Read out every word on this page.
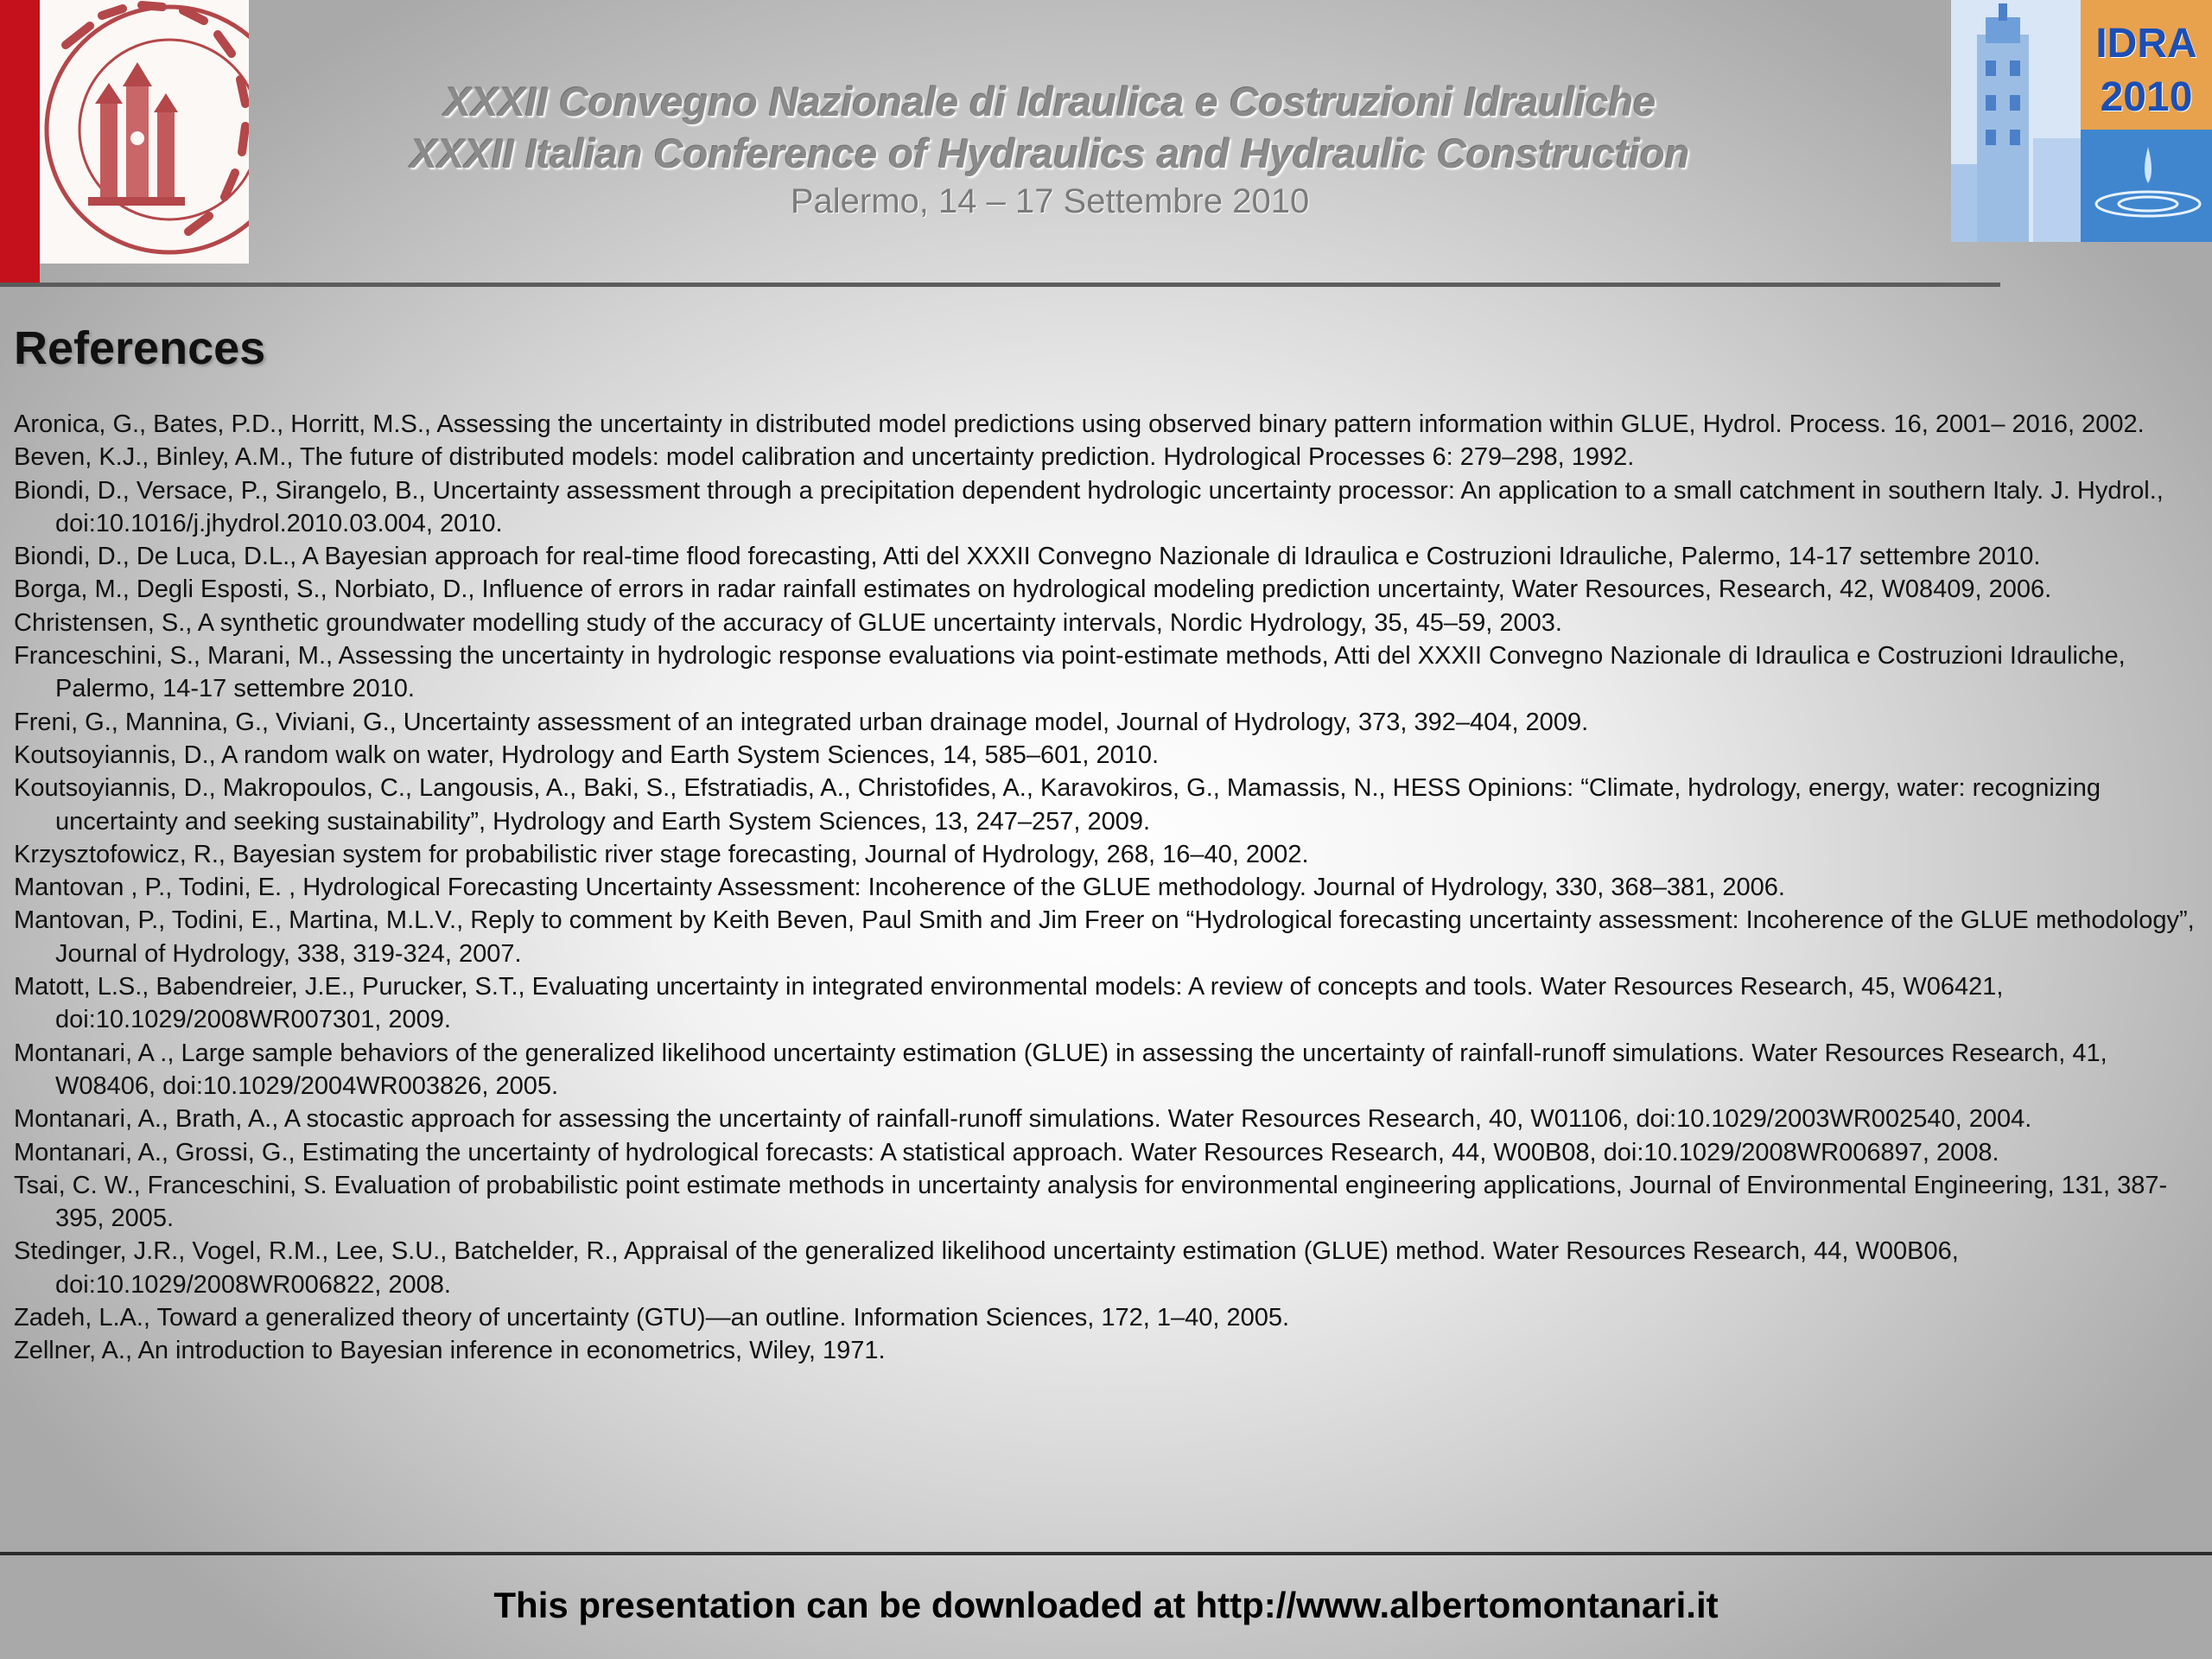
IDRA
2010
XXXII Convegno Nazionale di Idraulica e Costruzioni Idrauliche
XXXII Italian Conference of Hydraulics and Hydraulic Construction
Palermo, 14 – 17 Settembre 2010
References
Aronica, G., Bates, P.D., Horritt, M.S., Assessing the uncertainty in distributed model predictions using observed binary pattern information within GLUE, Hydrol. Process. 16, 2001– 2016, 2002.
Beven, K.J., Binley, A.M., The future of distributed models: model calibration and uncertainty prediction. Hydrological Processes 6: 279–298, 1992.
Biondi, D., Versace, P., Sirangelo, B., Uncertainty assessment through a precipitation dependent hydrologic uncertainty processor: An application to a small catchment in southern Italy. J. Hydrol., doi:10.1016/j.jhydrol.2010.03.004, 2010.
Biondi, D., De Luca, D.L., A Bayesian approach for real-time flood forecasting, Atti del XXXII Convegno Nazionale di Idraulica e Costruzioni Idrauliche, Palermo, 14-17 settembre 2010.
Borga, M., Degli Esposti, S., Norbiato, D., Influence of errors in radar rainfall estimates on hydrological modeling prediction uncertainty, Water Resources, Research, 42, W08409, 2006.
Christensen, S., A synthetic groundwater modelling study of the accuracy of GLUE uncertainty intervals, Nordic Hydrology, 35, 45–59, 2003.
Franceschini, S., Marani, M., Assessing the uncertainty in hydrologic response evaluations via point-estimate methods, Atti del XXXII Convegno Nazionale di Idraulica e Costruzioni Idrauliche, Palermo, 14-17 settembre 2010.
Freni, G., Mannina, G., Viviani, G., Uncertainty assessment of an integrated urban drainage model, Journal of Hydrology, 373, 392–404, 2009.
Koutsoyiannis, D., A random walk on water, Hydrology and Earth System Sciences, 14, 585–601, 2010.
Koutsoyiannis, D., Makropoulos, C., Langousis, A., Baki, S., Efstratiadis, A., Christofides, A., Karavokiros, G., Mamassis, N., HESS Opinions: “Climate, hydrology, energy, water: recognizing uncertainty and seeking sustainability”, Hydrology and Earth System Sciences, 13, 247–257, 2009.
Krzysztofowicz, R., Bayesian system for probabilistic river stage forecasting, Journal of Hydrology, 268, 16–40, 2002.
Mantovan , P., Todini, E. , Hydrological Forecasting Uncertainty Assessment: Incoherence of the GLUE methodology. Journal of Hydrology, 330, 368–381, 2006.
Mantovan, P., Todini, E., Martina, M.L.V., Reply to comment by Keith Beven, Paul Smith and Jim Freer on “Hydrological forecasting uncertainty assessment: Incoherence of the GLUE methodology”, Journal of Hydrology, 338, 319-324, 2007.
Matott, L.S., Babendreier, J.E., Purucker, S.T., Evaluating uncertainty in integrated environmental models: A review of concepts and tools. Water Resources Research, 45, W06421, doi:10.1029/2008WR007301, 2009.
Montanari, A ., Large sample behaviors of the generalized likelihood uncertainty estimation (GLUE) in assessing the uncertainty of rainfall-runoff simulations. Water Resources Research, 41, W08406, doi:10.1029/2004WR003826, 2005.
Montanari, A., Brath, A., A stocastic approach for assessing the uncertainty of rainfall-runoff simulations. Water Resources Research, 40, W01106, doi:10.1029/2003WR002540, 2004.
Montanari, A., Grossi, G., Estimating the uncertainty of hydrological forecasts: A statistical approach. Water Resources Research, 44, W00B08, doi:10.1029/2008WR006897, 2008.
Tsai, C. W., Franceschini, S. Evaluation of probabilistic point estimate methods in uncertainty analysis for environmental engineering applications, Journal of Environmental Engineering, 131, 387-395, 2005.
Stedinger, J.R., Vogel, R.M., Lee, S.U., Batchelder, R., Appraisal of the generalized likelihood uncertainty estimation (GLUE) method. Water Resources Research, 44, W00B06, doi:10.1029/2008WR006822, 2008.
Zadeh, L.A., Toward a generalized theory of uncertainty (GTU)—an outline. Information Sciences, 172, 1–40, 2005.
Zellner, A., An introduction to Bayesian inference in econometrics, Wiley, 1971.
This presentation can be downloaded at http://www.albertomontanari.it
